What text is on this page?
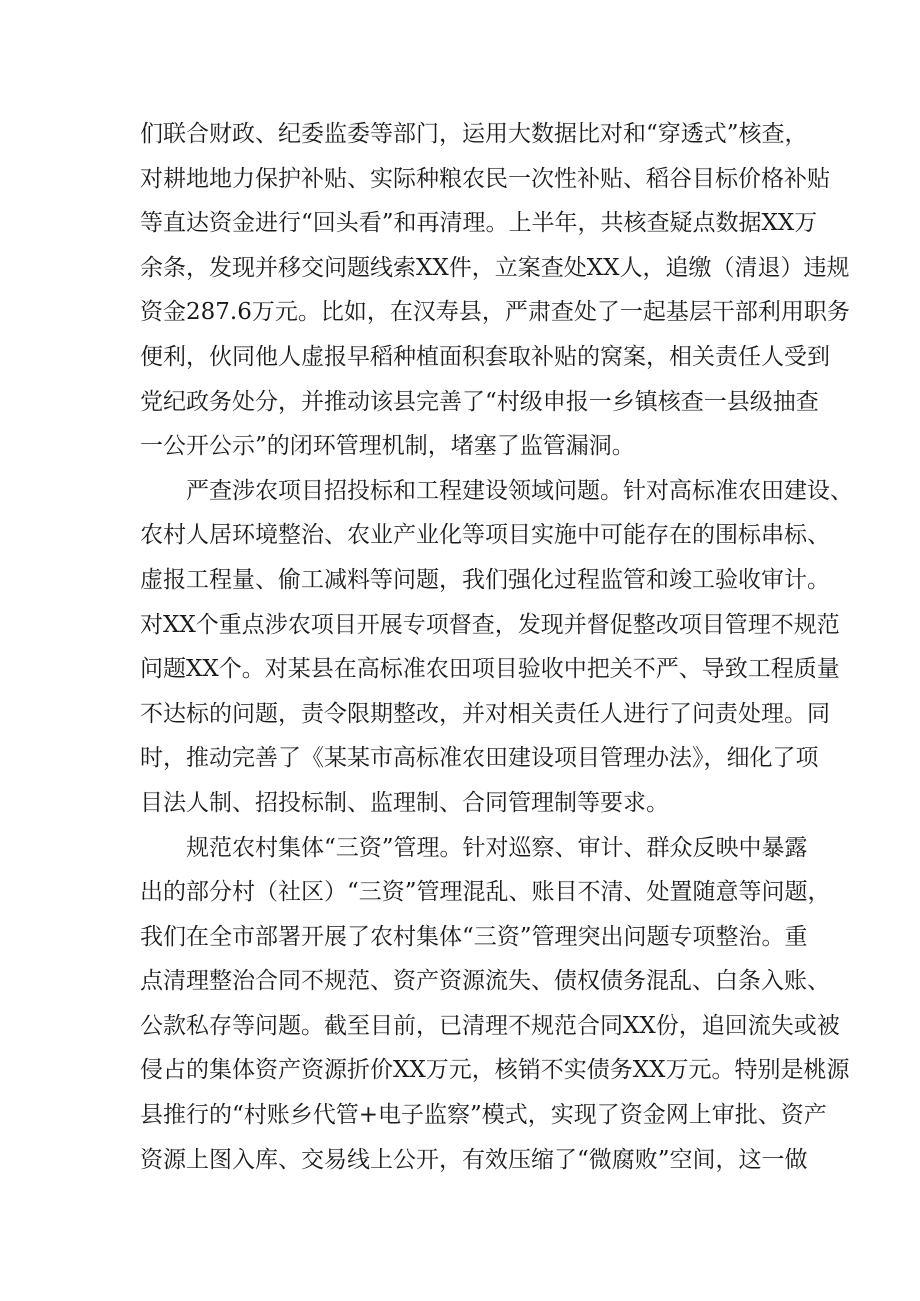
们联合财政、纪委监委等部门，运用大数据比对和“穿透式”核查，
对耕地地力保护补贴、实际种粮农民一次性补贴、稻谷目标价格补贴
等直达资金进行“回头看”和再清理。上半年，共核查疑点数据XX万
余条，发现并移交问题线索XX件，立案查处XX人，追缴（清退）违规
资金287.6万元。比如，在汉寿县，严肃查处了一起基层干部利用职务
便利，伙同他人虚报早稻种植面积套取补贴的窝案，相关责任人受到
党纪政务处分，并推动该县完善了“村级申报一乡镇核查一县级抽查
一公开公示”的闭环管理机制，堵塞了监管漏洞。
严查涉农项目招投标和工程建设领域问题。针对高标准农田建设、
农村人居环境整治、农业产业化等项目实施中可能存在的围标串标、
虚报工程量、偷工减料等问题，我们强化过程监管和竣工验收审计。
对XX个重点涉农项目开展专项督查，发现并督促整改项目管理不规范
问题XX个。对某县在高标准农田项目验收中把关不严、导致工程质量
不达标的问题，责令限期整改，并对相关责任人进行了问责处理。同
时，推动完善了《某某市高标准农田建设项目管理办法》，细化了项
目法人制、招投标制、监理制、合同管理制等要求。
规范农村集体“三资”管理。针对巡察、审计、群众反映中暴露
出的部分村（社区）“三资”管理混乱、账目不清、处置随意等问题，
我们在全市部署开展了农村集体“三资”管理突出问题专项整治。重
点清理整治合同不规范、资产资源流失、债权债务混乱、白条入账、
公款私存等问题。截至目前，已清理不规范合同XX份，追回流失或被
侵占的集体资产资源折价XX万元，核销不实债务XX万元。特别是桃源
县推行的“村账乡代管+电子监察”模式，实现了资金网上审批、资产
资源上图入库、交易线上公开，有效压缩了“微腐败”空间，这一做
